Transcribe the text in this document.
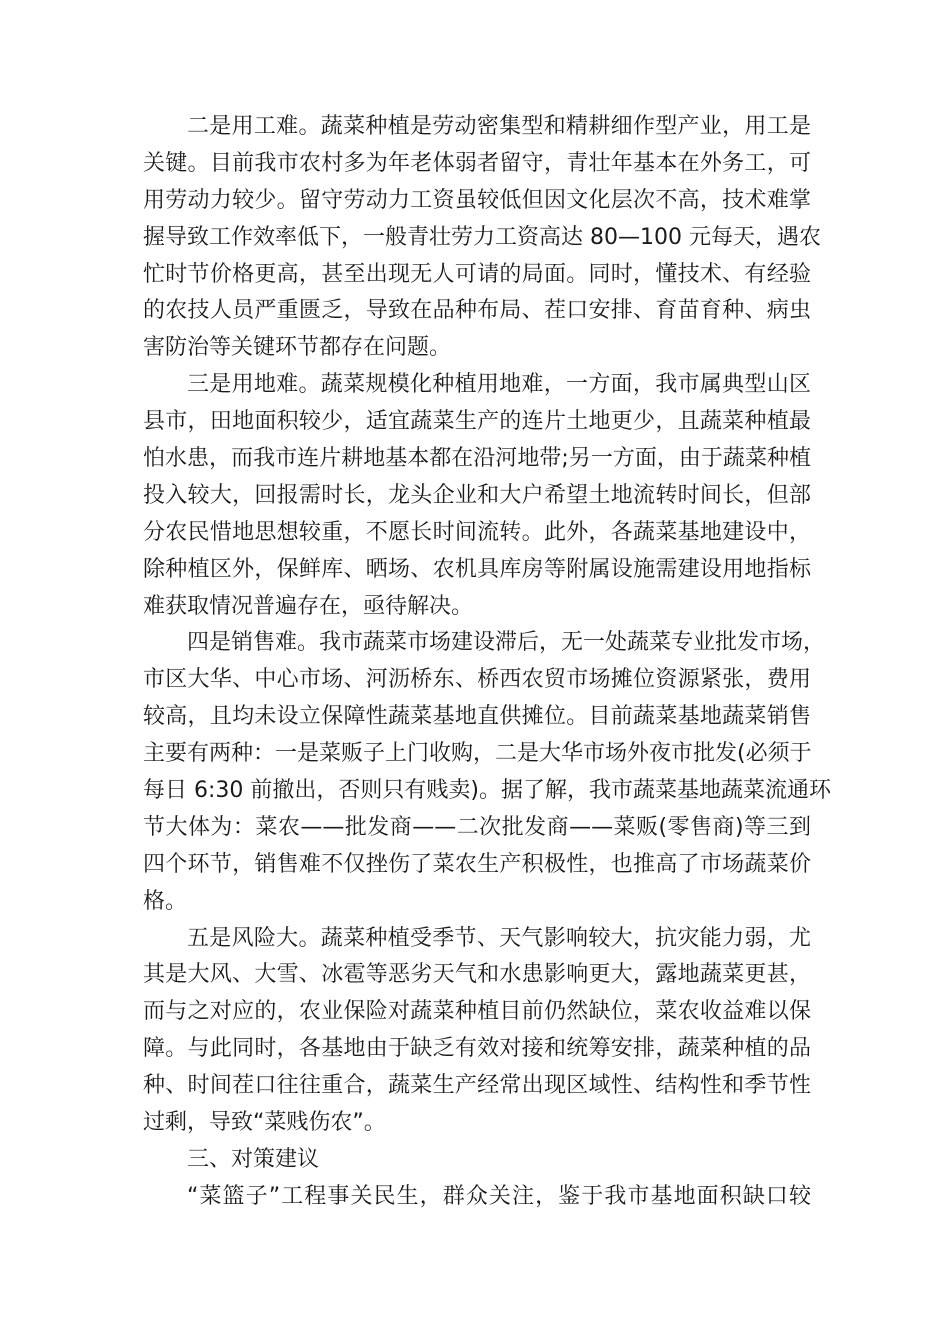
二是用工难。蔬菜种植是劳动密集型和精耕细作型产业，用工是
关键。目前我市农村多为年老体弱者留守，青壮年基本在外务工，可
用劳动力较少。留守劳动力工资虽较低但因文化层次不高，技术难掌
握导致工作效率低下，一般青壮劳力工资高达 80—100 元每天，遇农
忙时节价格更高，甚至出现无人可请的局面。同时，懂技术、有经验
的农技人员严重匮乏，导致在品种布局、茬口安排、育苗育种、病虫
害防治等关键环节都存在问题。
三是用地难。蔬菜规模化种植用地难，一方面，我市属典型山区
县市，田地面积较少，适宜蔬菜生产的连片土地更少，且蔬菜种植最
怕水患，而我市连片耕地基本都在沿河地带;另一方面，由于蔬菜种植
投入较大，回报需时长，龙头企业和大户希望土地流转时间长，但部
分农民惜地思想较重，不愿长时间流转。此外，各蔬菜基地建设中，
除种植区外，保鲜库、晒场、农机具库房等附属设施需建设用地指标
难获取情况普遍存在，亟待解决。
四是销售难。我市蔬菜市场建设滞后，无一处蔬菜专业批发市场，
市区大华、中心市场、河沥桥东、桥西农贸市场摊位资源紧张，费用
较高，且均未设立保障性蔬菜基地直供摊位。目前蔬菜基地蔬菜销售
主要有两种：一是菜贩子上门收购，二是大华市场外夜市批发(必须于
每日 6:30 前撤出，否则只有贱卖)。据了解，我市蔬菜基地蔬菜流通环
节大体为：菜农——批发商——二次批发商——菜贩(零售商)等三到
四个环节，销售难不仅挫伤了菜农生产积极性，也推高了市场蔬菜价
格。
五是风险大。蔬菜种植受季节、天气影响较大，抗灾能力弱，尤
其是大风、大雪、冰雹等恶劣天气和水患影响更大，露地蔬菜更甚，
而与之对应的，农业保险对蔬菜种植目前仍然缺位，菜农收益难以保
障。与此同时，各基地由于缺乏有效对接和统筹安排，蔬菜种植的品
种、时间茬口往往重合，蔬菜生产经常出现区域性、结构性和季节性
过剩，导致“菜贱伤农”。
三、对策建议
“菜篮子”工程事关民生，群众关注，鉴于我市基地面积缺口较
